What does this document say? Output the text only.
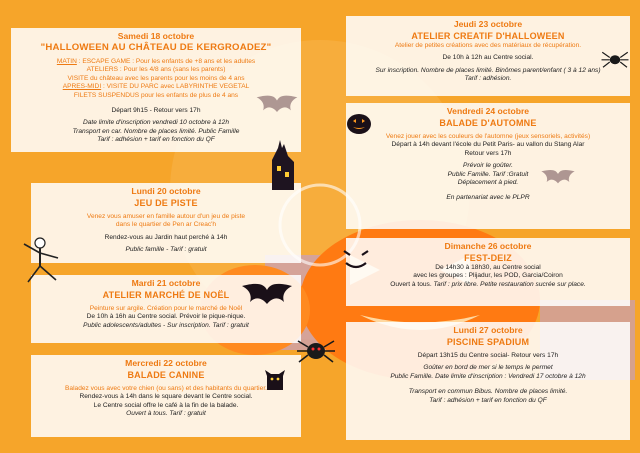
Samedi 18 octobre
"HALLOWEEN AU CHÂTEAU DE KERGROADEZ"
MATIN : ESCAPE GAME : Pour les enfants de +8 ans et les adultes
ATELIERS : Pour les 4/8 ans (sans les parents)
VISITE du château avec les parents pour les moins de 4 ans
APRES-MIDI : VISITE DU PARC avec LABYRINTHE VEGETAL
FILETS SUSPENDUS pour les enfants de plus de 4 ans
Départ 9h15 - Retour vers 17h
Date limite d'inscription vendredi 10 octobre à 12h
Transport en car. Nombre de places limité. Public Famille
Tarif : adhésion + tarif en fonction du QF
Lundi 20 octobre
JEU DE PISTE
Venez vous amuser en famille autour d'un jeu de piste
dans le quartier de Pen ar Creac'h
Rendez-vous au Jardin haut perché à 14h
Public famille - Tarif : gratuit
Mardi 21 octobre
ATELIER MARCHÉ DE NOËL
Peinture sur argile. Création pour le marché de Noël
De 10h à 16h au Centre social. Prévoir le pique-nique.
Public adolescents/adultes - Sur inscription. Tarif : gratuit
Mercredi 22 octobre
BALADE CANINE
Baladez vous avec votre chien (ou sans) et des habitants du quartier.
Rendez-vous à 14h dans le square devant le Centre social.
Le Centre social offre le café à la fin de la balade.
Ouvert à tous. Tarif : gratuit
Jeudi 23 octobre
ATELIER CREATIF D'HALLOWEEN
Atelier de petites créations avec des matériaux de récupération.
De 10h à 12h au Centre social.
Sur inscription. Nombre de places limité. Binômes parent/enfant ( 3 à 12 ans)
Tarif : adhésion.
Vendredi 24 octobre
BALADE D'AUTOMNE
Venez jouer avec les couleurs de l'automne (jeux sensoriels, activités)
Départ à 14h devant l'école du Petit Paris- au vallon du Stang Alar
Retour vers 17h
Prévoir le goûter.
Public Famille. Tarif :Gratuit
Déplacement à pied.
En partenariat avec le PLPR
Dimanche 26 octobre
FEST-DEIZ
De 14h30 à 18h30, au Centre social
avec les groupes : Plijadur, les POD, Garcia/Coiron
Ouvert à tous. Tarif : prix libre. Petite restauration sucrée sur place.
Lundi 27 octobre
PISCINE SPADIUM
Départ 13h15 du Centre social- Retour vers 17h
Goûter en bord de mer si le temps le permet
Public Famille. Date limite d'inscription : Vendredi 17 octobre à 12h
Transport en commun Bibus. Nombre de places limité.
Tarif : adhésion + tarif en fonction du QF
